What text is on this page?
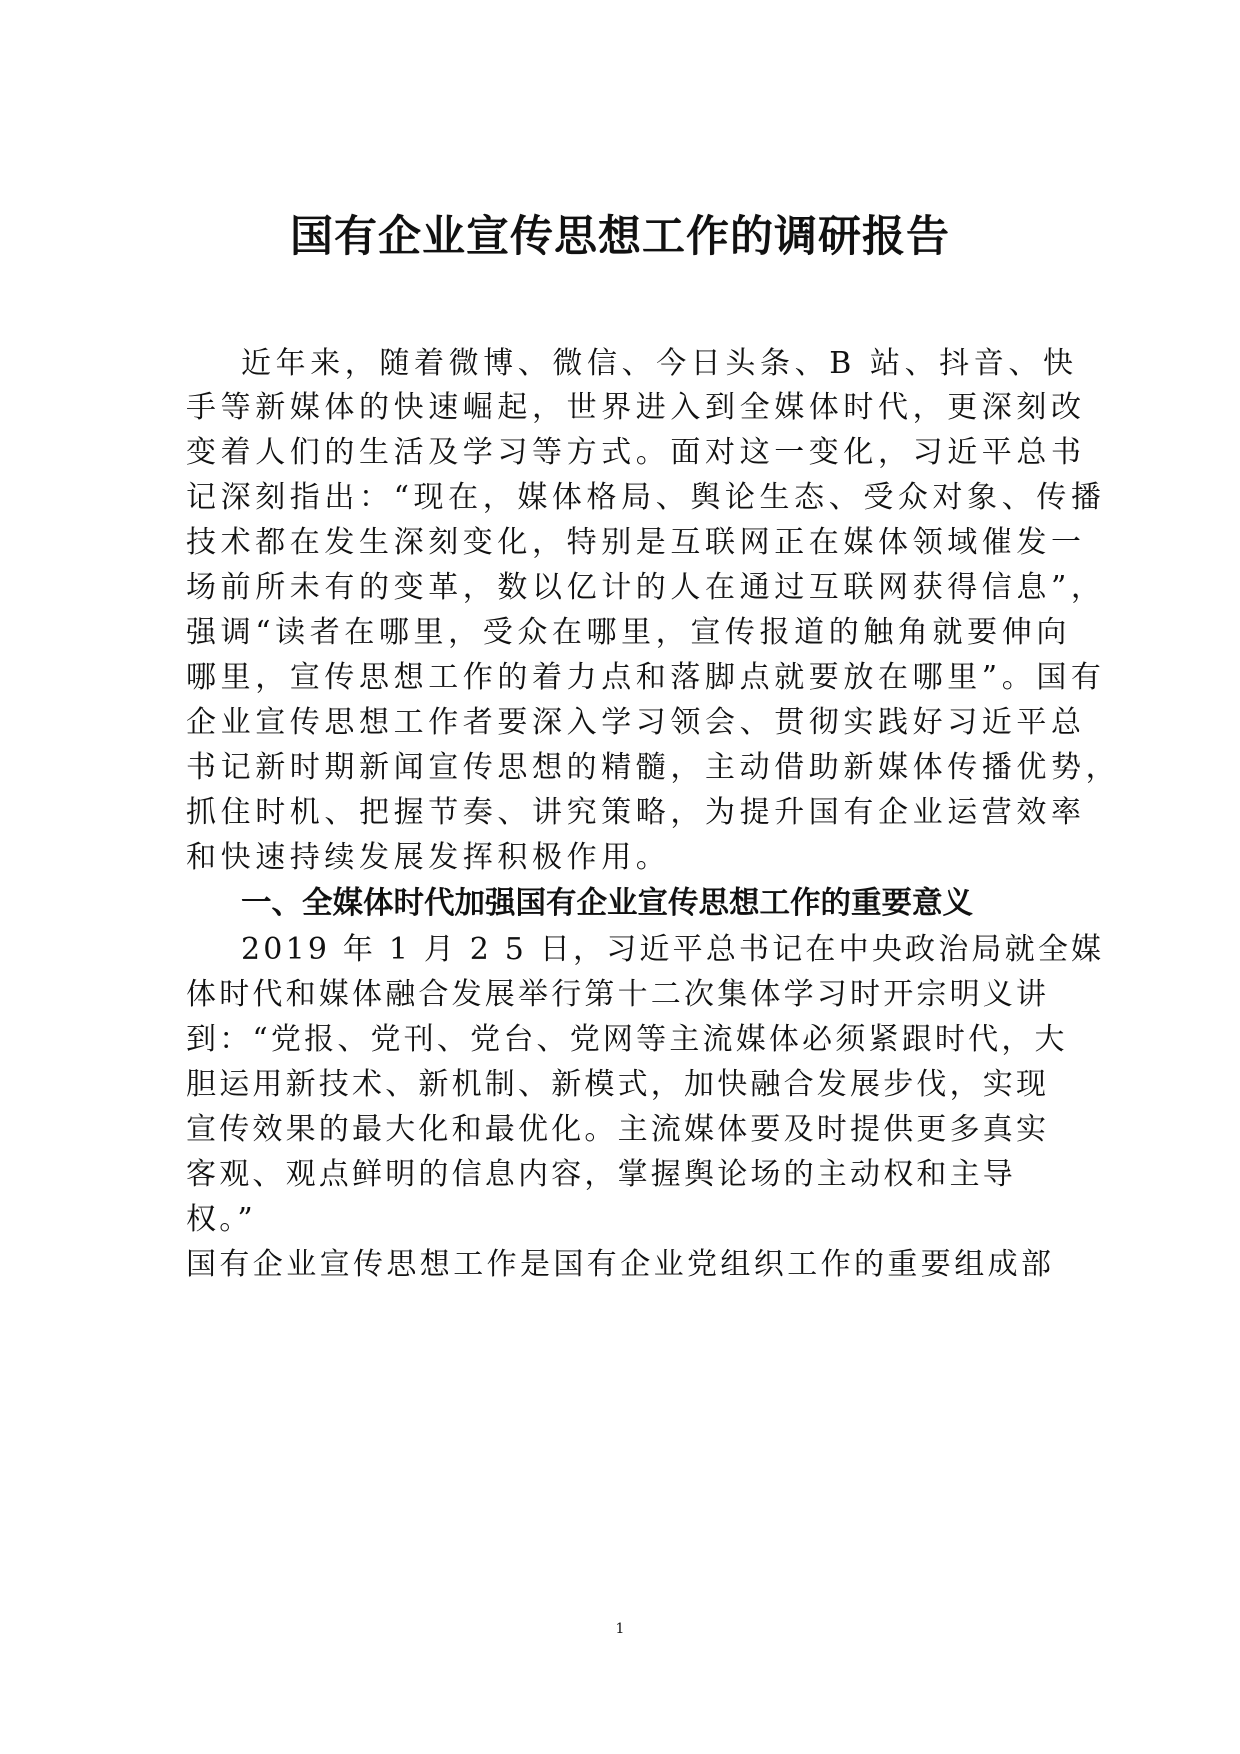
国有企业宣传思想工作的调研报告

近年来，随着微博、微信、今日头条、B 站、抖音、快

手等新媒体的快速崛起，世界进入到全媒体时代，更深刻改

变着人们的生活及学习等方式。面对这一变化，习近平总书

记深刻指出：“现在，媒体格局、舆论生态、受众对象、传播

技术都在发生深刻变化，特别是互联网正在媒体领域催发一

场前所未有的变革，数以亿计的人在通过互联网获得信息”，

强调“读者在哪里，受众在哪里，宣传报道的触角就要伸向

哪里，宣传思想工作的着力点和落脚点就要放在哪里”。国有

企业宣传思想工作者要深入学习领会、贯彻实践好习近平总

书记新时期新闻宣传思想的精髓，主动借助新媒体传播优势，

抓住时机、把握节奏、讲究策略，为提升国有企业运营效率

和快速持续发展发挥积极作用。

一、全媒体时代加强国有企业宣传思想工作的重要意义

2019 年 1 月 2 5 日，习近平总书记在中央政治局就全媒

体时代和媒体融合发展举行第十二次集体学习时开宗明义讲

到：“党报、党刊、党台、党网等主流媒体必须紧跟时代，大

胆运用新技术、新机制、新模式，加快融合发展步伐，实现

宣传效果的最大化和最优化。主流媒体要及时提供更多真实

客观、观点鲜明的信息内容，掌握舆论场的主动权和主导

权。”

国有企业宣传思想工作是国有企业党组织工作的重要组成部

1
